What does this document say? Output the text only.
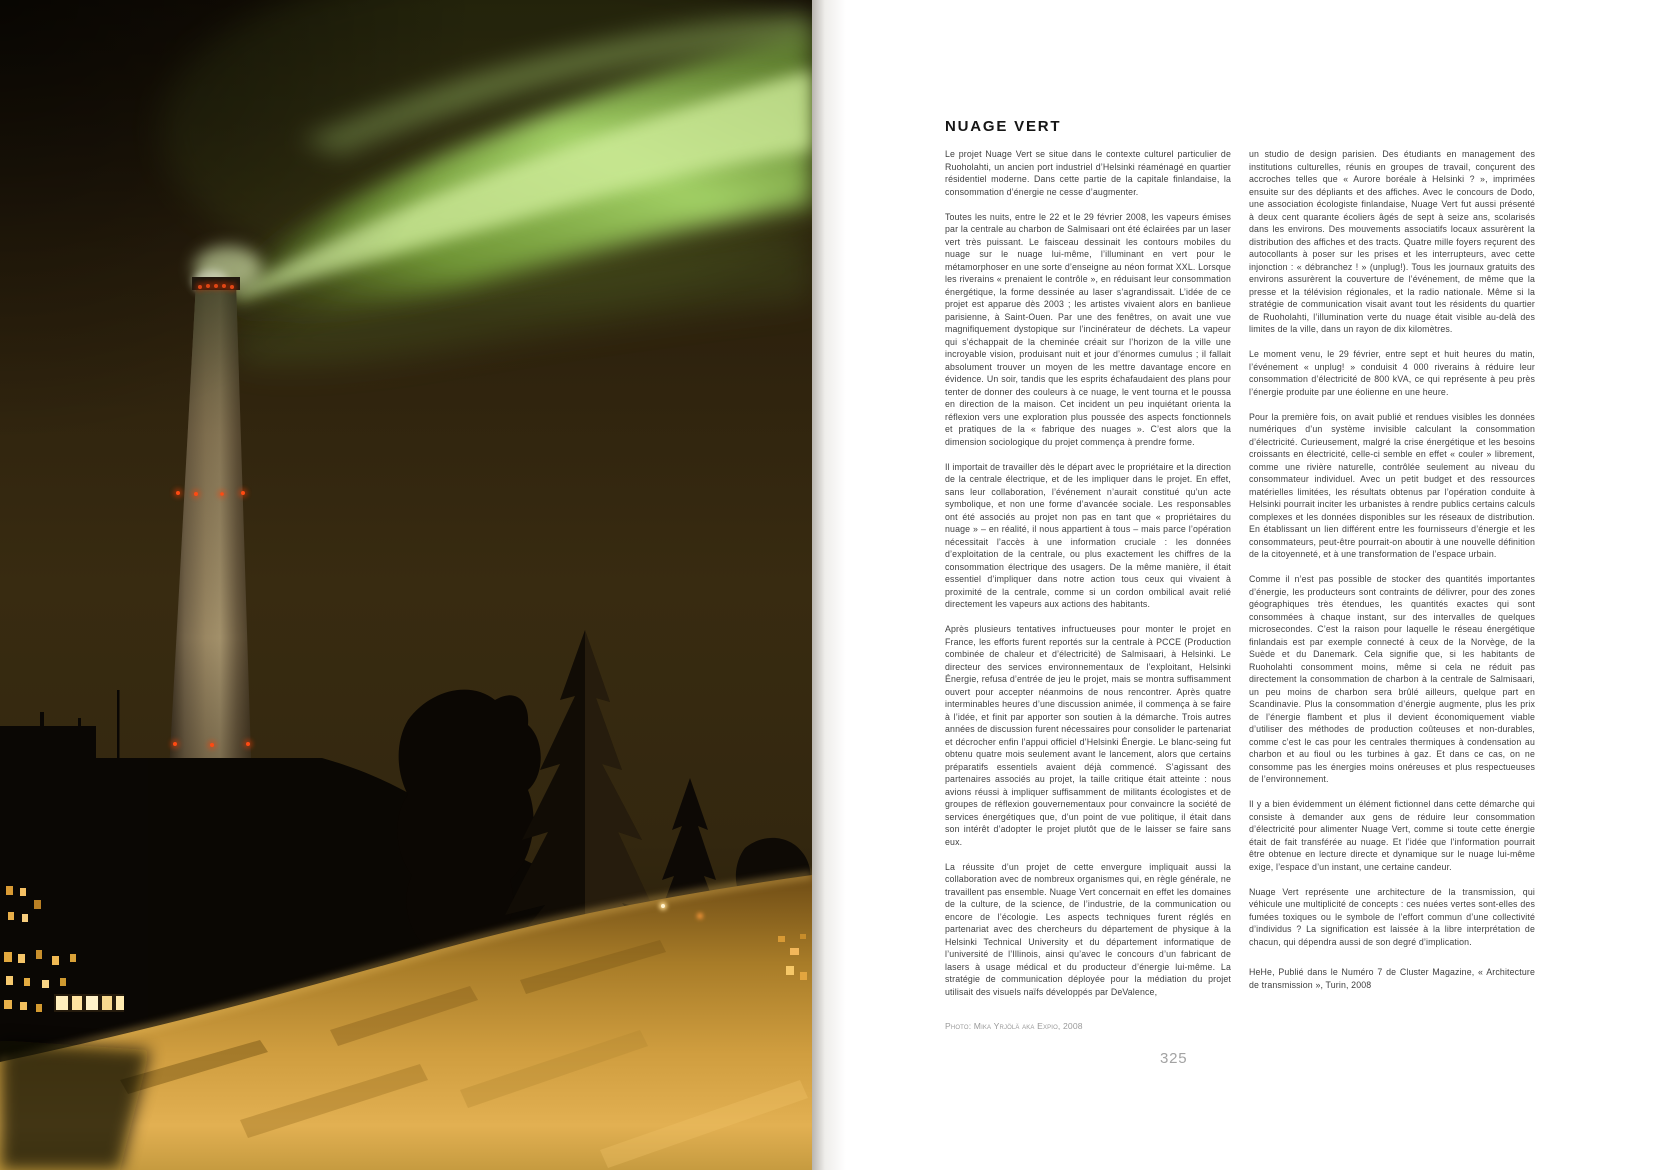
NUAGE VERT

Le projet Nuage Vert se situe dans le contexte culturel particulier de Ruoholahti, un ancien port industriel d’Helsinki réaménagé en quartier résidentiel moderne. Dans cette partie de la capitale finlandaise, la consommation d’énergie ne cesse d’augmenter.

Toutes les nuits, entre le 22 et le 29 février 2008, les vapeurs émises par la centrale au charbon de Salmisaari ont été éclairées par un laser vert très puissant. Le faisceau dessinait les contours mobiles du nuage sur le nuage lui-même, l’illuminant en vert pour le métamorphoser en une sorte d’enseigne au néon format XXL. Lorsque les riverains « prenaient le contrôle », en réduisant leur consommation énergétique, la forme dessinée au laser s’agrandissait. L’idée de ce projet est apparue dès 2003 ; les artistes vivaient alors en banlieue parisienne, à Saint-Ouen. Par une des fenêtres, on avait une vue magnifiquement dystopique sur l’incinérateur de déchets. La vapeur qui s’échappait de la cheminée créait sur l’horizon de la ville une incroyable vision, produisant nuit et jour d’énormes cumulus ; il fallait absolument trouver un moyen de les mettre davantage encore en évidence. Un soir, tandis que les esprits échafaudaient des plans pour tenter de donner des couleurs à ce nuage, le vent tourna et le poussa en direction de la maison. Cet incident un peu inquiétant orienta la réflexion vers une exploration plus poussée des aspects fonctionnels et pratiques de la « fabrique des nuages ». C’est alors que la dimension sociologique du projet commença à prendre forme.

Il importait de travailler dès le départ avec le propriétaire et la direction de la centrale électrique, et de les impliquer dans le projet. En effet, sans leur collaboration, l’événement n’aurait constitué qu’un acte symbolique, et non une forme d’avancée sociale. Les responsables ont été associés au projet non pas en tant que « propriétaires du nuage » – en réalité, il nous appartient à tous – mais parce l’opération nécessitait l’accès à une information cruciale : les données d’exploitation de la centrale, ou plus exactement les chiffres de la consommation électrique des usagers. De la même manière, il était essentiel d’impliquer dans notre action tous ceux qui vivaient à proximité de la centrale, comme si un cordon ombilical avait relié directement les vapeurs aux actions des habitants.

Après plusieurs tentatives infructueuses pour monter le projet en France, les efforts furent reportés sur la centrale à PCCE (Production combinée de chaleur et d’électricité) de Salmisaari, à Helsinki. Le directeur des services environnementaux de l’exploitant, Helsinki Énergie, refusa d’entrée de jeu le projet, mais se montra suffisamment ouvert pour accepter néanmoins de nous rencontrer. Après quatre interminables heures d’une discussion animée, il commença à se faire à l’idée, et finit par apporter son soutien à la démarche. Trois autres années de discussion furent nécessaires pour consolider le partenariat et décrocher enfin l’appui officiel d’Helsinki Énergie. Le blanc-seing fut obtenu quatre mois seulement avant le lancement, alors que certains préparatifs essentiels avaient déjà commencé. S’agissant des partenaires associés au projet, la taille critique était atteinte : nous avions réussi à impliquer suffisamment de militants écologistes et de groupes de réflexion gouvernementaux pour convaincre la société de services énergétiques que, d’un point de vue politique, il était dans son intérêt d’adopter le projet plutôt que de le laisser se faire sans eux.

La réussite d’un projet de cette envergure impliquait aussi la collaboration avec de nombreux organismes qui, en règle générale, ne travaillent pas ensemble. Nuage Vert concernait en effet les domaines de la culture, de la science, de l’industrie, de la communication ou encore de l’écologie. Les aspects techniques furent réglés en partenariat avec des chercheurs du département de physique à la Helsinki Technical University et du département informatique de l’université de l’Illinois, ainsi qu’avec le concours d’un fabricant de lasers à usage médical et du producteur d’énergie lui-même. La stratégie de communication déployée pour la médiation du projet utilisait des visuels naïfs développés par DeValence,

Photo: Mika Yrjölä aka Expio, 2008

un studio de design parisien. Des étudiants en management des institutions culturelles, réunis en groupes de travail, conçurent des accroches telles que « Aurore boréale à Helsinki ? », imprimées ensuite sur des dépliants et des affiches. Avec le concours de Dodo, une association écologiste finlandaise, Nuage Vert fut aussi présenté à deux cent quarante écoliers âgés de sept à seize ans, scolarisés dans les environs. Des mouvements associatifs locaux assurèrent la distribution des affiches et des tracts. Quatre mille foyers reçurent des autocollants à poser sur les prises et les interrupteurs, avec cette injonction : « débranchez ! » (unplug!). Tous les journaux gratuits des environs assurèrent la couverture de l’événement, de même que la presse et la télévision régionales, et la radio nationale. Même si la stratégie de communication visait avant tout les résidents du quartier de Ruoholahti, l’illumination verte du nuage était visible au-delà des limites de la ville, dans un rayon de dix kilomètres.

Le moment venu, le 29 février, entre sept et huit heures du matin, l’événement « unplug! » conduisit 4 000 riverains à réduire leur consommation d’électricité de 800 kVA, ce qui représente à peu près l’énergie produite par une éolienne en une heure.

Pour la première fois, on avait publié et rendues visibles les données numériques d’un système invisible calculant la consommation d’électricité. Curieusement, malgré la crise énergétique et les besoins croissants en électricité, celle-ci semble en effet « couler » librement, comme une rivière naturelle, contrôlée seulement au niveau du consommateur individuel. Avec un petit budget et des ressources matérielles limitées, les résultats obtenus par l’opération conduite à Helsinki pourrait inciter les urbanistes à rendre publics certains calculs complexes et les données disponibles sur les réseaux de distribution. En établissant un lien différent entre les fournisseurs d’énergie et les consommateurs, peut-être pourrait-on aboutir à une nouvelle définition de la citoyenneté, et à une transformation de l’espace urbain.

Comme il n’est pas possible de stocker des quantités importantes d’énergie, les producteurs sont contraints de délivrer, pour des zones géographiques très étendues, les quantités exactes qui sont consommées à chaque instant, sur des intervalles de quelques microsecondes. C’est la raison pour laquelle le réseau énergétique finlandais est par exemple connecté à ceux de la Norvège, de la Suède et du Danemark. Cela signifie que, si les habitants de Ruoholahti consomment moins, même si cela ne réduit pas directement la consommation de charbon à la centrale de Salmisaari, un peu moins de charbon sera brûlé ailleurs, quelque part en Scandinavie. Plus la consommation d’énergie augmente, plus les prix de l’énergie flambent et plus il devient économiquement viable d’utiliser des méthodes de production coûteuses et non-durables, comme c’est le cas pour les centrales thermiques à condensation au charbon et au fioul ou les turbines à gaz. Et dans ce cas, on ne consomme pas les énergies moins onéreuses et plus respectueuses de l’environnement.

Il y a bien évidemment un élément fictionnel dans cette démarche qui consiste à demander aux gens de réduire leur consommation d’électricité pour alimenter Nuage Vert, comme si toute cette énergie était de fait transférée au nuage. Et l’idée que l’information pourrait être obtenue en lecture directe et dynamique sur le nuage lui-même exige, l’espace d’un instant, une certaine candeur.

Nuage Vert représente une architecture de la transmission, qui véhicule une multiplicité de concepts : ces nuées vertes sont-elles des fumées toxiques ou le symbole de l’effort commun d’une collectivité d’individus ? La signification est laissée à la libre interprétation de chacun, qui dépendra aussi de son degré d’implication.

HeHe, Publié dans le Numéro 7 de Cluster Magazine, « Architecture de transmission », Turin, 2008

325
